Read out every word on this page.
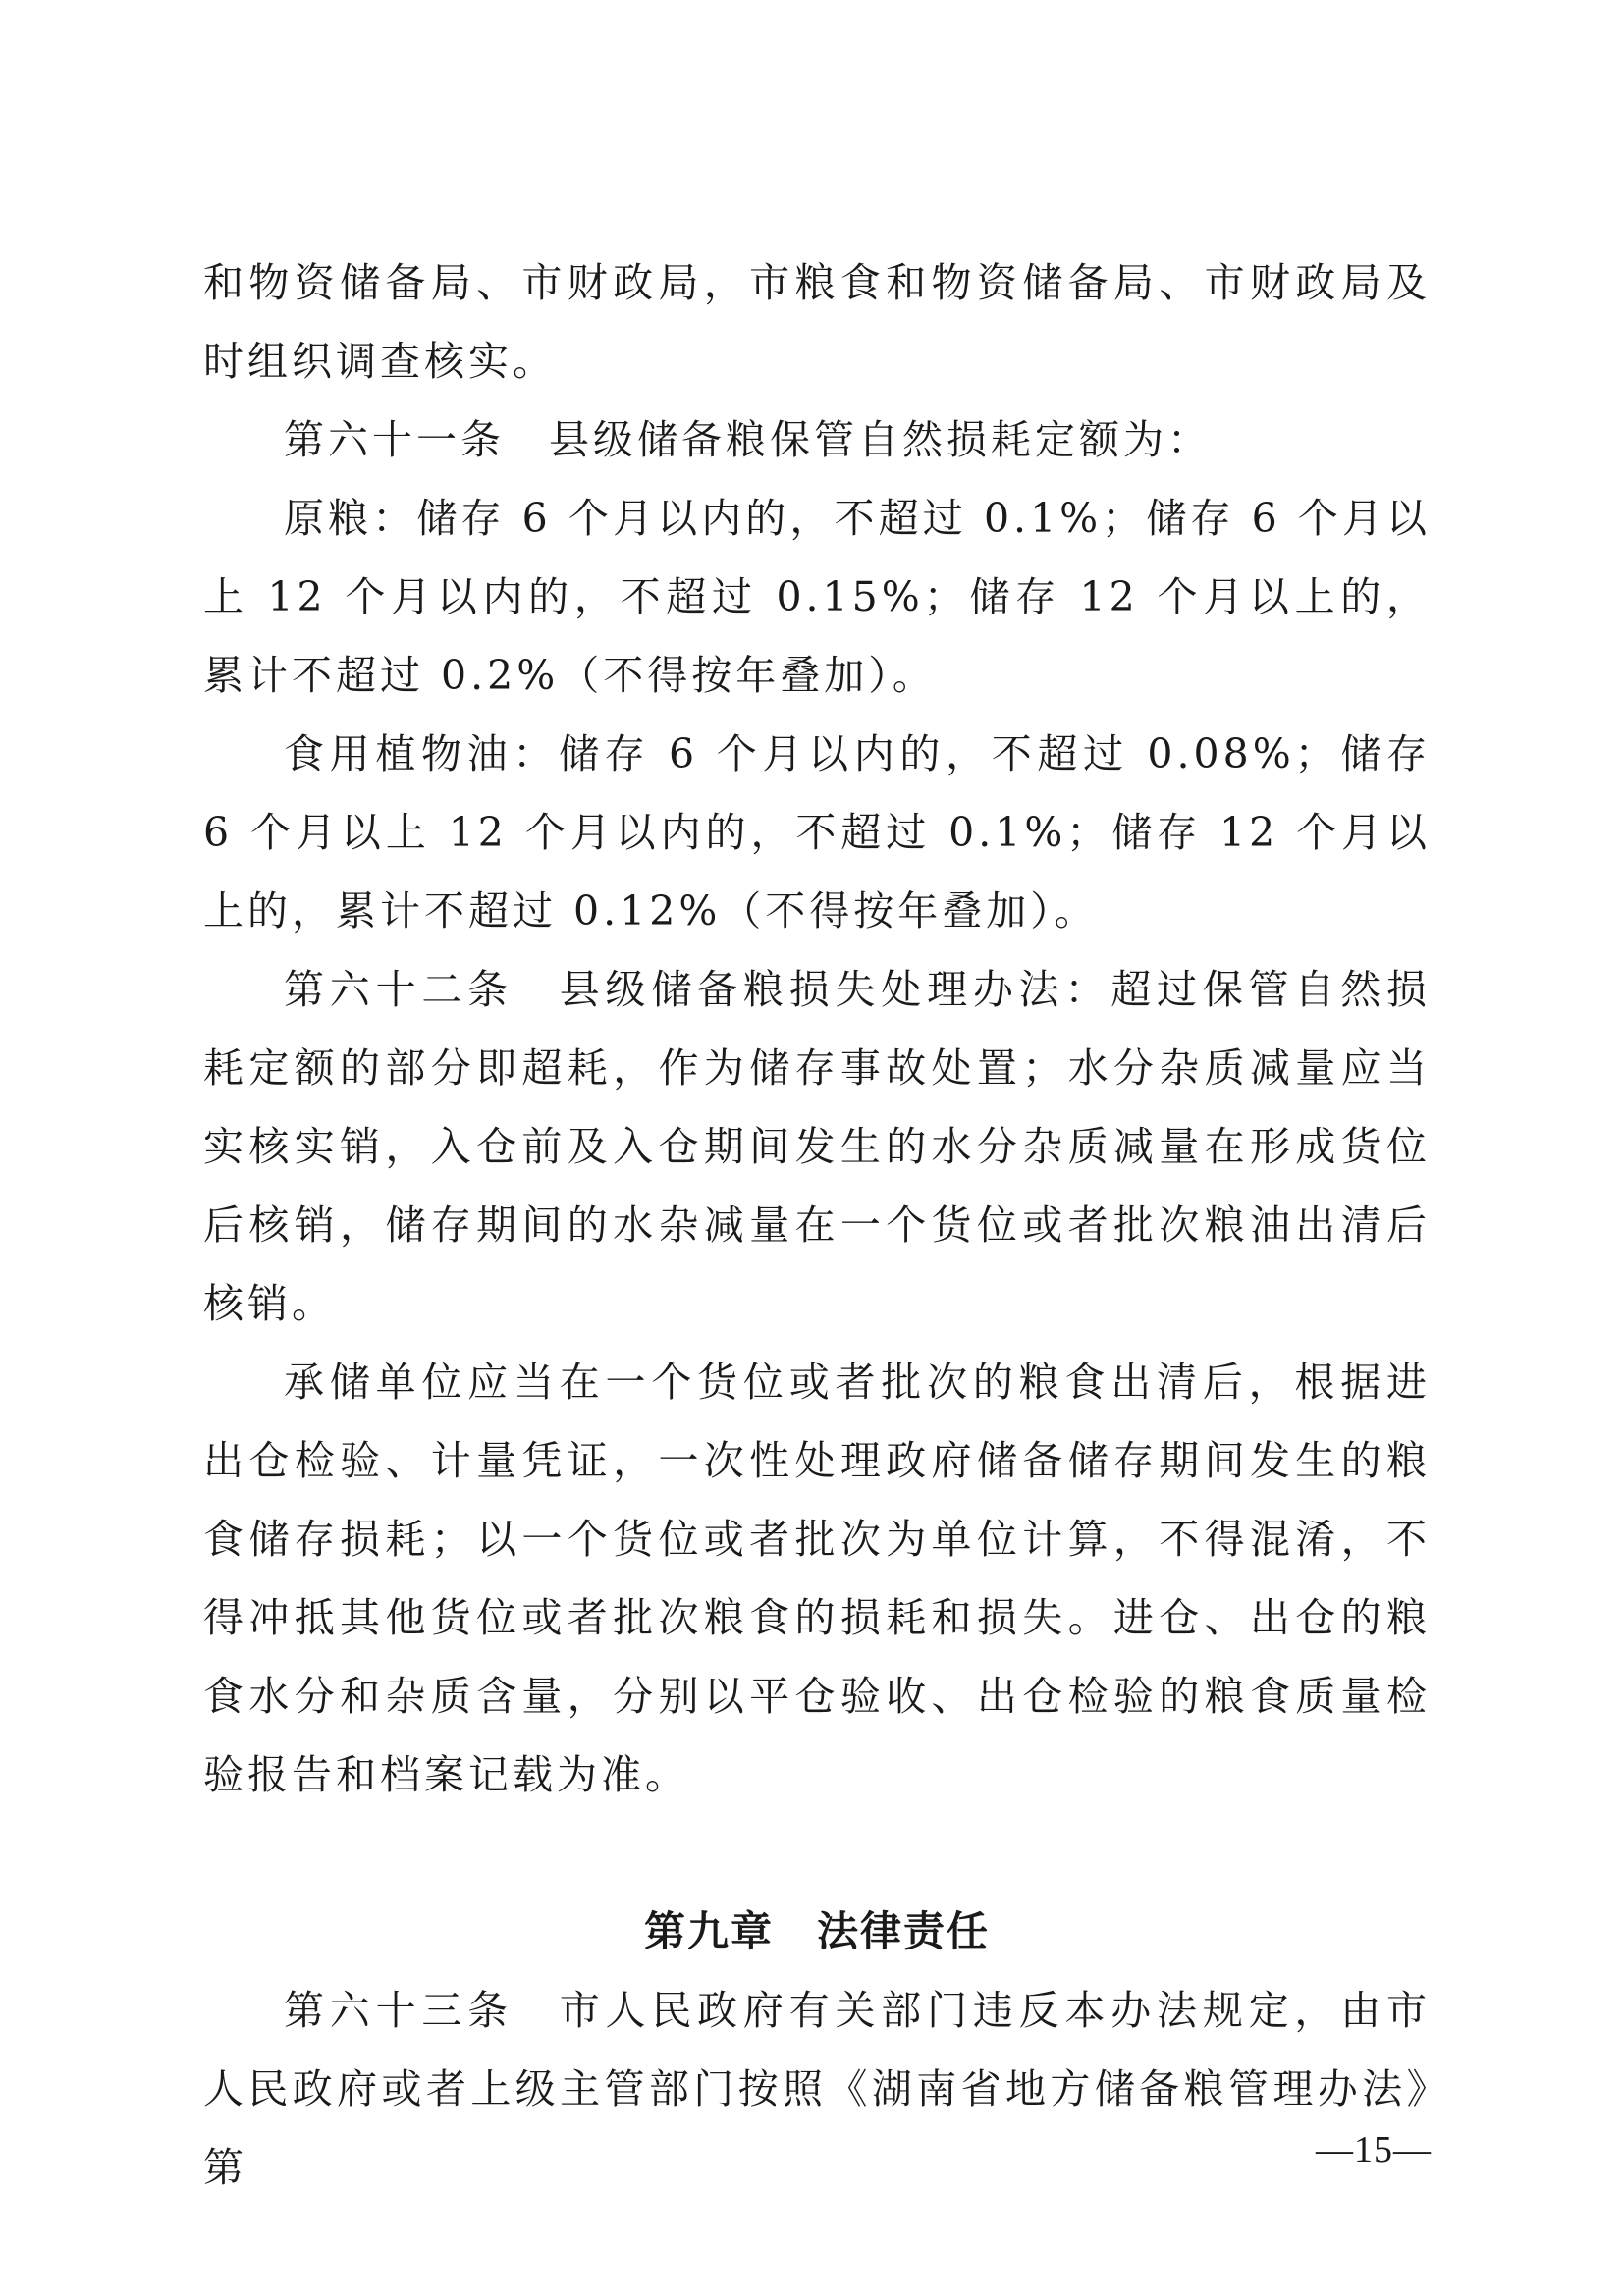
和物资储备局、市财政局，市粮食和物资储备局、市财政局及时组织调查核实。

第六十一条　县级储备粮保管自然损耗定额为：

原粮：储存 6 个月以内的，不超过 0.1%；储存 6 个月以上 12 个月以内的，不超过 0.15%；储存 12 个月以上的，累计不超过 0.2%（不得按年叠加）。

食用植物油：储存 6 个月以内的，不超过 0.08%；储存 6 个月以上 12 个月以内的，不超过 0.1%；储存 12 个月以上的，累计不超过 0.12%（不得按年叠加）。

第六十二条　县级储备粮损失处理办法：超过保管自然损耗定额的部分即超耗，作为储存事故处置；水分杂质减量应当实核实销，入仓前及入仓期间发生的水分杂质减量在形成货位后核销，储存期间的水杂减量在一个货位或者批次粮油出清后核销。

承储单位应当在一个货位或者批次的粮食出清后，根据进出仓检验、计量凭证，一次性处理政府储备储存期间发生的粮食储存损耗；以一个货位或者批次为单位计算，不得混淆，不得冲抵其他货位或者批次粮食的损耗和损失。进仓、出仓的粮食水分和杂质含量，分别以平仓验收、出仓检验的粮食质量检验报告和档案记载为准。

第九章　法律责任

第六十三条　市人民政府有关部门违反本办法规定，由市人民政府或者上级主管部门按照《湖南省地方储备粮管理办法》第	—15—
